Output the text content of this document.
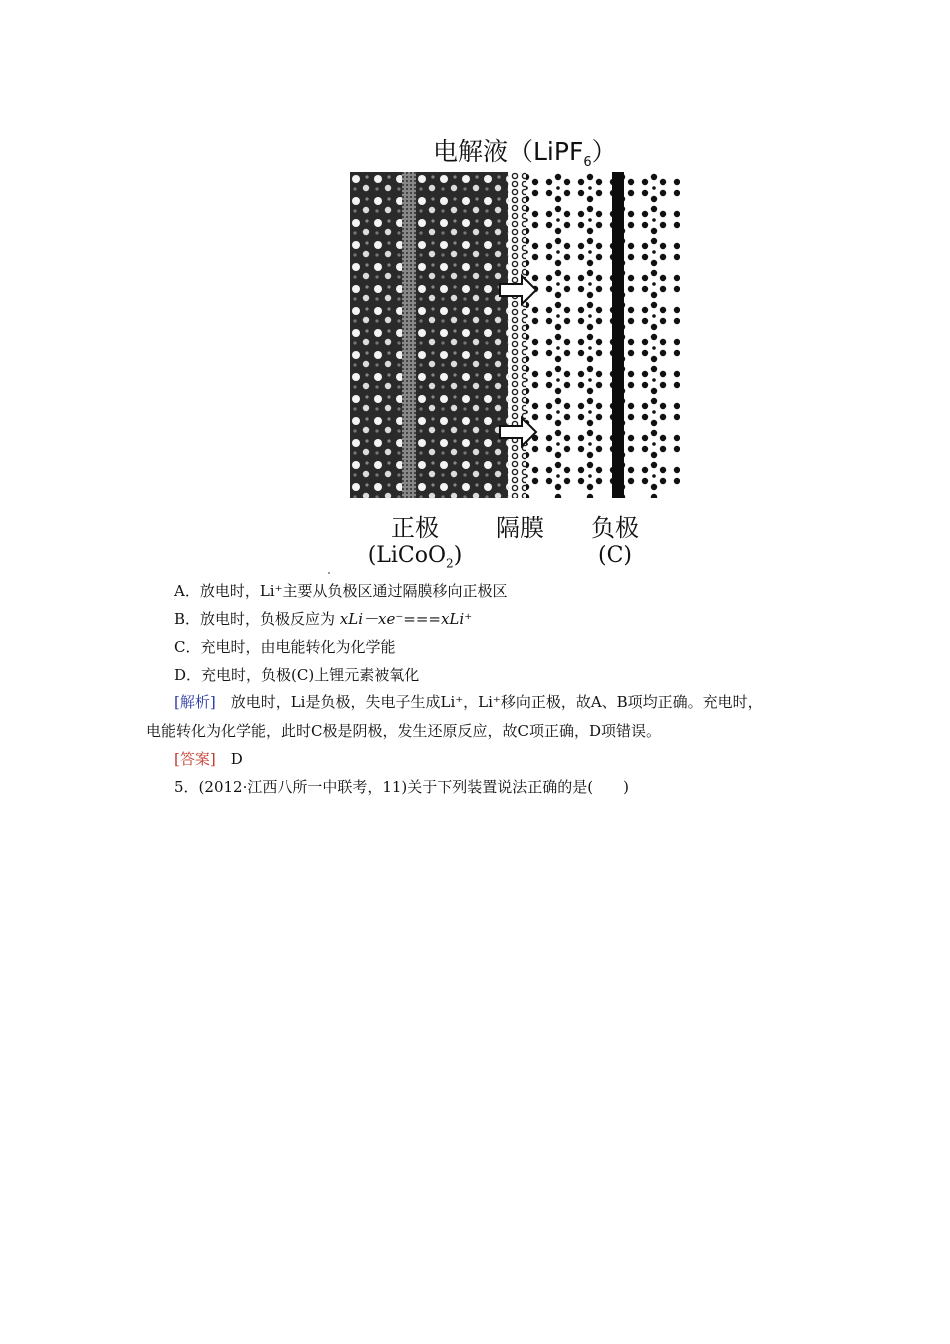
电解液（LiPF$_6$）
正极
(LiCoO$_2$)
隔膜	负极
(C)
A．放电时，Li⁺主要从负极区通过隔膜移向正极区
B．放电时，负极反应为 xLi－xe⁻===xLi⁺
C．充电时，由电能转化为化学能
D．充电时，负极(C)上锂元素被氧化
[解析]　放电时，Li是负极，失电子生成Li⁺，Li⁺移向正极，故A、B项均正确。充电时，
电能转化为化学能，此时C极是阴极，发生还原反应，故C项正确，D项错误。
[答案]　D
5．(2012·江西八所一中联考，11)关于下列装置说法正确的是(　　)
